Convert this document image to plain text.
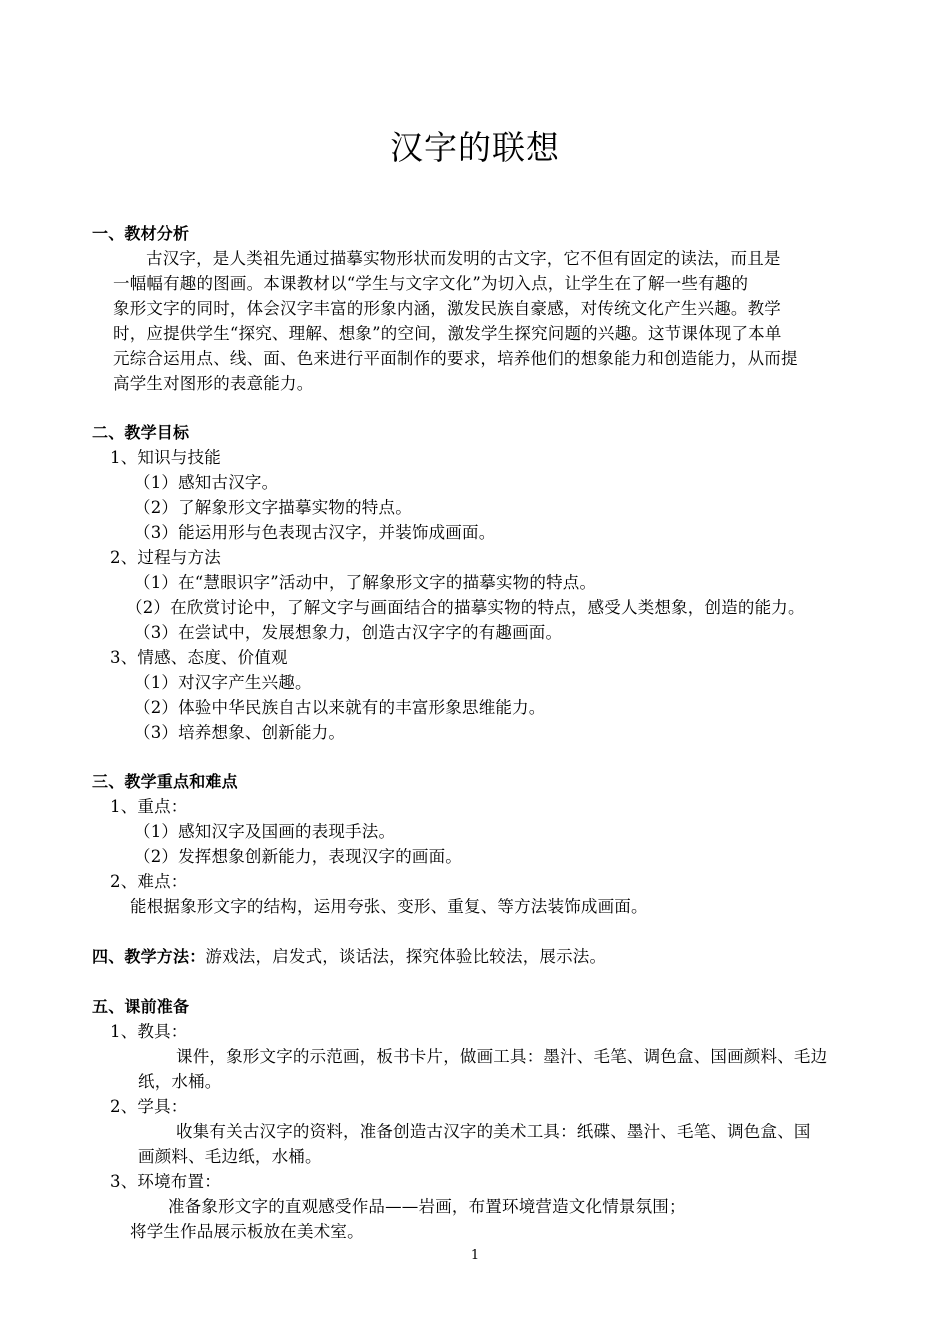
汉字的联想
一、教材分析
古汉字，是人类祖先通过描摹实物形状而发明的古文字，它不但有固定的读法，而且是
一幅幅有趣的图画。本课教材以“学生与文字文化”为切入点，让学生在了解一些有趣的
象形文字的同时，体会汉字丰富的形象内涵，激发民族自豪感，对传统文化产生兴趣。教学
时，应提供学生“探究、理解、想象”的空间，激发学生探究问题的兴趣。这节课体现了本单
元综合运用点、线、面、色来进行平面制作的要求，培养他们的想象能力和创造能力，从而提
高学生对图形的表意能力。
二、教学目标
1、知识与技能
（1）感知古汉字。
（2）了解象形文字描摹实物的特点。
（3）能运用形与色表现古汉字，并装饰成画面。
2、过程与方法
（1）在“慧眼识字”活动中，了解象形文字的描摹实物的特点。
（2）在欣赏讨论中，了解文字与画面结合的描摹实物的特点，感受人类想象，创造的能力。
（3）在尝试中，发展想象力，创造古汉字字的有趣画面。
3、情感、态度、价值观
（1）对汉字产生兴趣。
（2）体验中华民族自古以来就有的丰富形象思维能力。
（3）培养想象、创新能力。
三、教学重点和难点
1、重点：
（1）感知汉字及国画的表现手法。
（2）发挥想象创新能力，表现汉字的画面。
2、难点：
能根据象形文字的结构，运用夸张、变形、重复、等方法装饰成画面。
四、教学方法：游戏法，启发式，谈话法，探究体验比较法，展示法。
五、课前准备
1、教具：
课件，象形文字的示范画，板书卡片，做画工具：墨汁、毛笔、调色盒、国画颜料、毛边
纸，水桶。
2、学具：
收集有关古汉字的资料，准备创造古汉字的美术工具：纸碟、墨汁、毛笔、调色盒、国
画颜料、毛边纸，水桶。
3、环境布置：
准备象形文字的直观感受作品——岩画，布置环境营造文化情景氛围；
将学生作品展示板放在美术室。
1
